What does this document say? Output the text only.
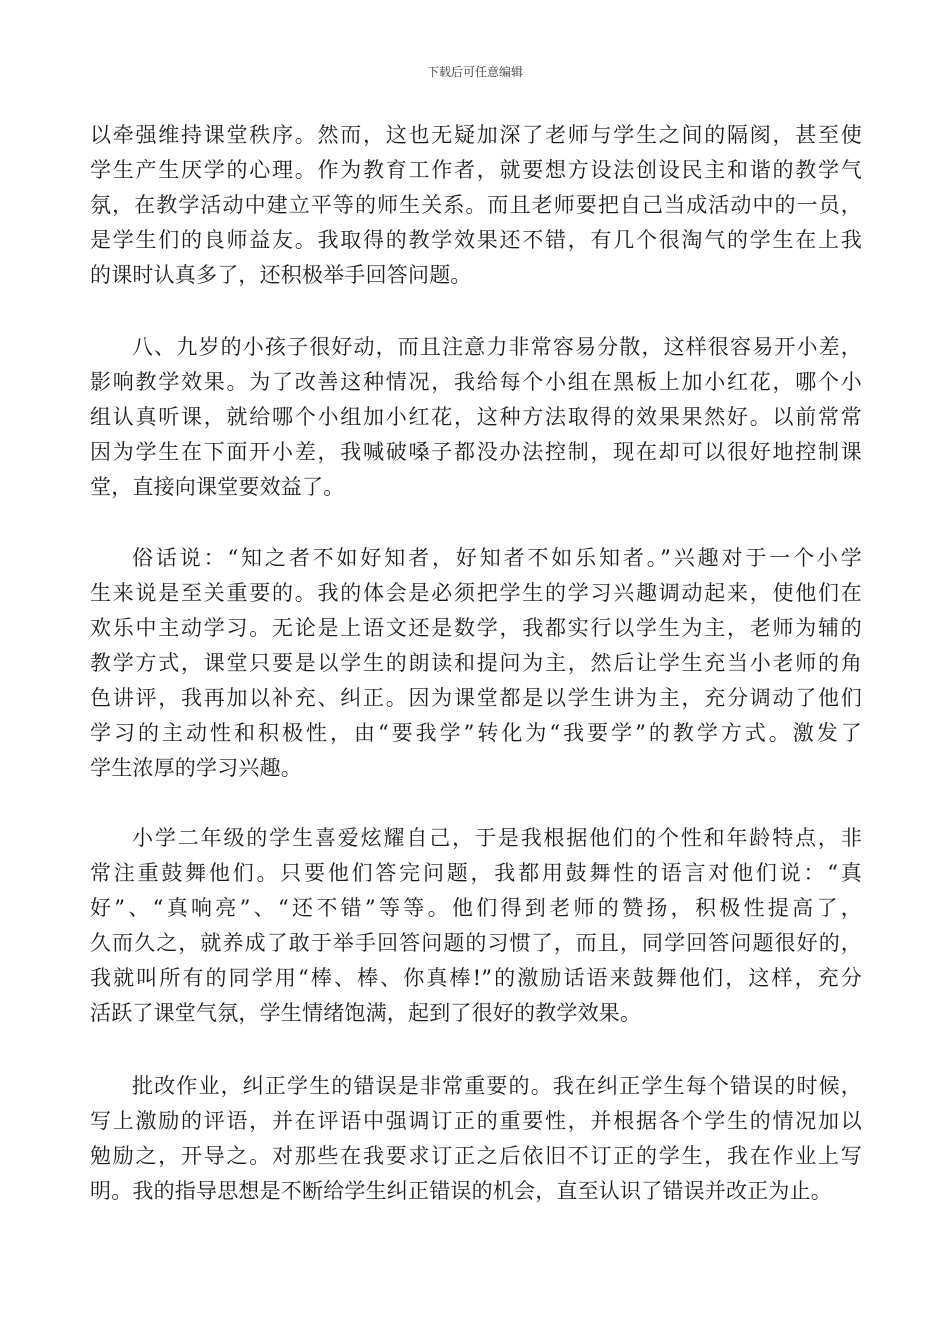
下载后可任意编辑
以牵强维持课堂秩序。然而，这也无疑加深了老师与学生之间的隔阂，甚至使
学生产生厌学的心理。作为教育工作者，就要想方设法创设民主和谐的教学气
氛，在教学活动中建立平等的师生关系。而且老师要把自己当成活动中的一员，
是学生们的良师益友。我取得的教学效果还不错，有几个很淘气的学生在上我
的课时认真多了，还积极举手回答问题。
八、九岁的小孩子很好动，而且注意力非常容易分散，这样很容易开小差，
影响教学效果。为了改善这种情况，我给每个小组在黑板上加小红花，哪个小
组认真听课，就给哪个小组加小红花，这种方法取得的效果果然好。以前常常
因为学生在下面开小差，我喊破嗓子都没办法控制，现在却可以很好地控制课
堂，直接向课堂要效益了。
俗话说：“知之者不如好知者，好知者不如乐知者。”兴趣对于一个小学
生来说是至关重要的。我的体会是必须把学生的学习兴趣调动起来，使他们在
欢乐中主动学习。无论是上语文还是数学，我都实行以学生为主，老师为辅的
教学方式，课堂只要是以学生的朗读和提问为主，然后让学生充当小老师的角
色讲评，我再加以补充、纠正。因为课堂都是以学生讲为主，充分调动了他们
学习的主动性和积极性，由“要我学”转化为“我要学”的教学方式。激发了
学生浓厚的学习兴趣。
小学二年级的学生喜爱炫耀自己，于是我根据他们的个性和年龄特点，非
常注重鼓舞他们。只要他们答完问题，我都用鼓舞性的语言对他们说：“真
好”、“真响亮”、“还不错”等等。他们得到老师的赞扬，积极性提高了，
久而久之，就养成了敢于举手回答问题的习惯了，而且，同学回答问题很好的，
我就叫所有的同学用“棒、棒、你真棒!”的激励话语来鼓舞他们，这样，充分
活跃了课堂气氛，学生情绪饱满，起到了很好的教学效果。
批改作业，纠正学生的错误是非常重要的。我在纠正学生每个错误的时候，
写上激励的评语，并在评语中强调订正的重要性，并根据各个学生的情况加以
勉励之，开导之。对那些在我要求订正之后依旧不订正的学生，我在作业上写
明。我的指导思想是不断给学生纠正错误的机会，直至认识了错误并改正为止。
